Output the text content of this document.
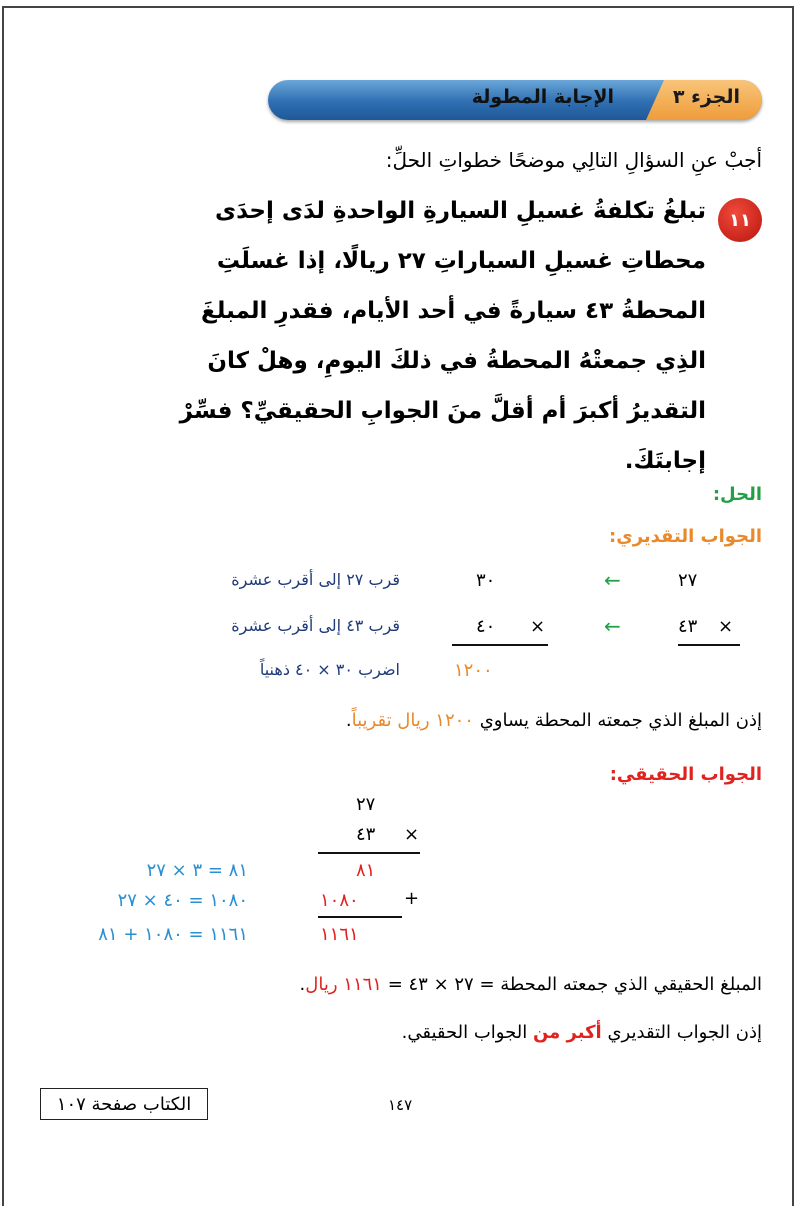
الجزء ٣
الإجابة المطولة
أجبْ عنِ السؤالِ التالِي موضحًا خطواتِ الحلِّ:
١١
تبلغُ تكلفةُ غسيلِ السيارةِ الواحدةِ لدَى إحدَى
محطاتِ غسيلِ السياراتِ ٢٧ ريالًا، إذا غسلَتِ
المحطةُ ٤٣ سيارةً في أحد الأيام، فقدرِ المبلغَ
الذِي جمعتْهُ المحطةُ في ذلكَ اليومِ، وهلْ كانَ
التقديرُ أكبرَ أم أقلَّ منَ الجوابِ الحقيقيِّ؟ فسِّرْ
إجابتَكَ.
الحل:
الجواب التقديري:
قرب ٢٧ إلى أقرب عشرة	٣٠	←	٢٧
قرب ٤٣ إلى أقرب عشرة	٤٠ ×	←	٤٣ ×
اضرب ٣٠ × ٤٠ ذهنياً	١٢٠٠
إذن المبلغ الذي جمعته المحطة يساوي ١٢٠٠ ريال تقريباً.
الجواب الحقيقي:
٢٧
٤٣ ×
٨١
٨١ = ٣ × ٢٧
١٠٨٠	+
١٠٨٠ = ٤٠ × ٢٧
١١٦١
١١٦١ = ١٠٨٠ + ٨١
المبلغ الحقيقي الذي جمعته المحطة = ٢٧ × ٤٣ = ١١٦١ ريال.
إذن الجواب التقديري أكبر من الجواب الحقيقي.
الكتاب صفحة ١٠٧	١٤٧
